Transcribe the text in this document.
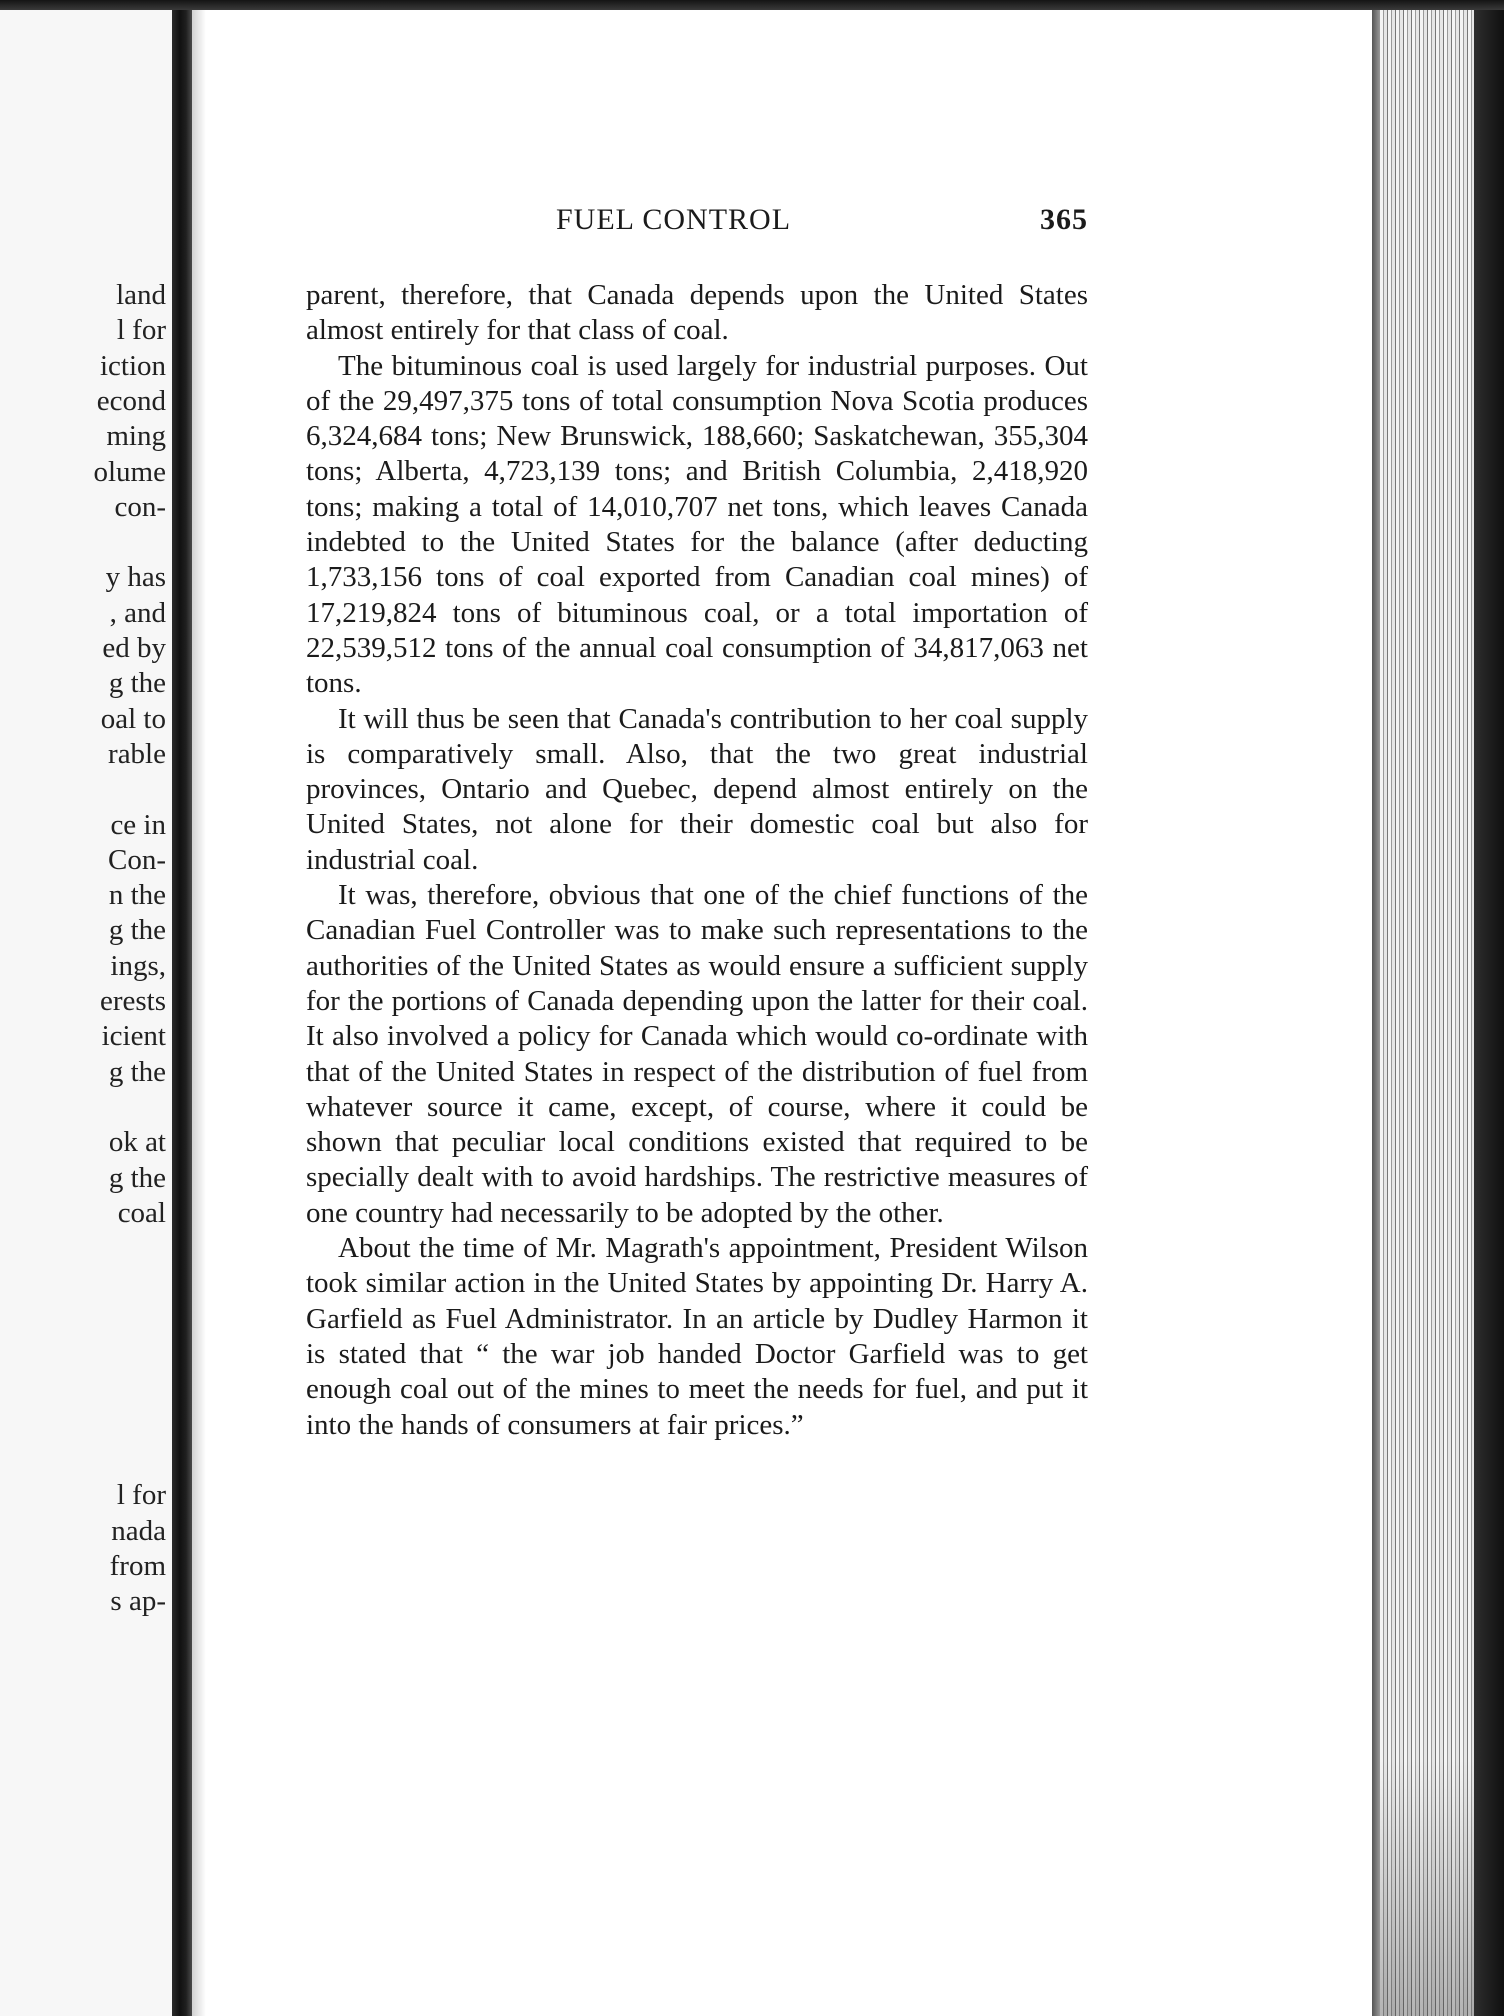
land
l for
iction
econd
ming
olume
con-
y has
, and
ed by
g the
oal to
rable
ce in
Con-
n the
g the
ings,
erests
icient
g the
ok at
g the
coal
l for
nada
from
s ap-
FUEL CONTROL	365

parent, therefore, that Canada depends upon the United States almost entirely for that class of coal.

The bituminous coal is used largely for industrial purposes. Out of the 29,497,375 tons of total consumption Nova Scotia produces 6,324,684 tons; New Brunswick, 188,660; Saskatchewan, 355,304 tons; Alberta, 4,723,139 tons; and British Columbia, 2,418,920 tons; making a total of 14,010,707 net tons, which leaves Canada indebted to the United States for the balance (after deducting 1,733,156 tons of coal exported from Canadian coal mines) of 17,219,824 tons of bituminous coal, or a total importation of 22,539,512 tons of the annual coal consumption of 34,817,063 net tons.

It will thus be seen that Canada's contribution to her coal supply is comparatively small. Also, that the two great industrial provinces, Ontario and Quebec, depend almost entirely on the United States, not alone for their domestic coal but also for industrial coal.

It was, therefore, obvious that one of the chief functions of the Canadian Fuel Controller was to make such representations to the authorities of the United States as would ensure a sufficient supply for the portions of Canada depending upon the latter for their coal. It also involved a policy for Canada which would co-ordinate with that of the United States in respect of the distribution of fuel from whatever source it came, except, of course, where it could be shown that peculiar local conditions existed that required to be specially dealt with to avoid hardships. The restrictive measures of one country had necessarily to be adopted by the other.

About the time of Mr. Magrath's appointment, President Wilson took similar action in the United States by appointing Dr. Harry A. Garfield as Fuel Administrator. In an article by Dudley Harmon it is stated that “ the war job handed Doctor Garfield was to get enough coal out of the mines to meet the needs for fuel, and put it into the hands of consumers at fair prices.”
